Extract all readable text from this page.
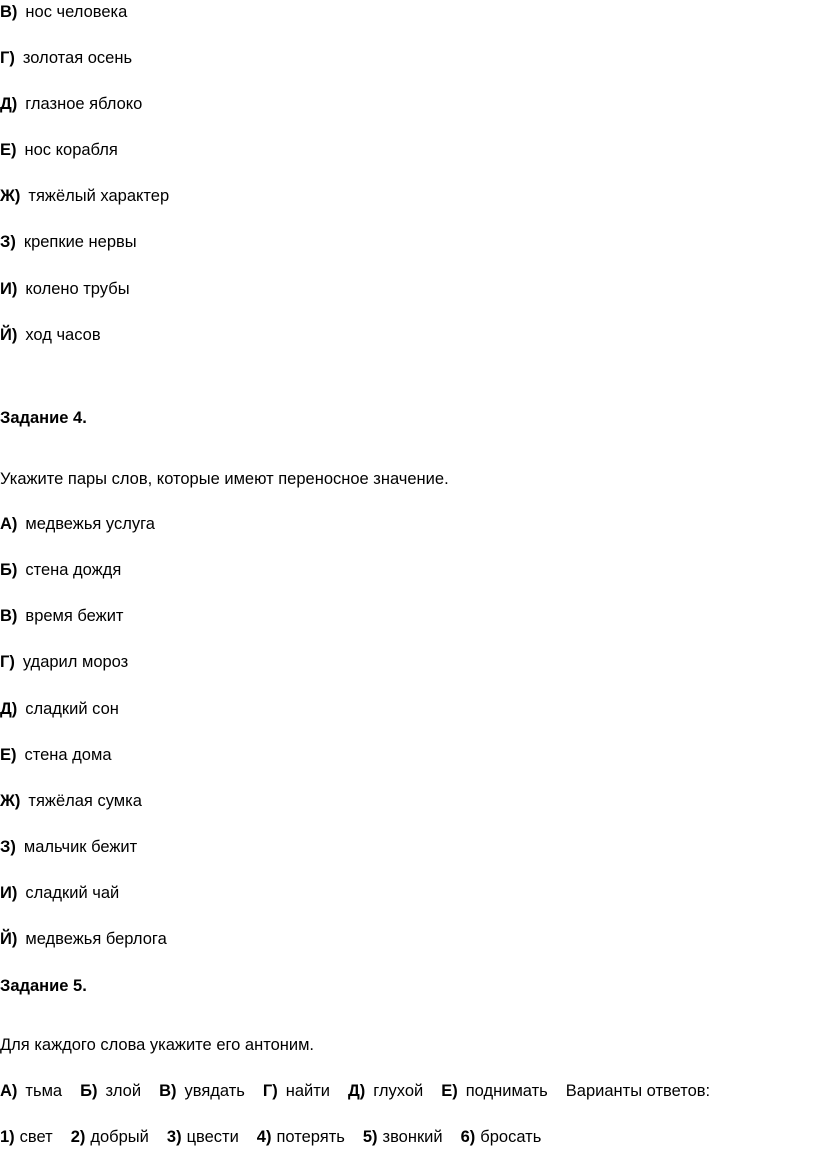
В) нос человека
Г) золотая осень
Д) глазное яблоко
Е) нос корабля
Ж) тяжёлый характер
З) крепкие нервы
И) колено трубы
Й) ход часов
Задание 4.
Укажите пары слов, которые имеют переносное значение.
А) медвежья услуга
Б) стена дождя
В) время бежит
Г) ударил мороз
Д) сладкий сон
Е) стена дома
Ж) тяжёлая сумка
З) мальчик бежит
И) сладкий чай
Й) медвежья берлога
Задание 5.
Для каждого слова укажите его антоним.
А) тьма Б) злой В) увядать Г) найти Д) глухой Е) поднимать Варианты ответов:
1) свет 2) добрый 3) цвести 4) потерять 5) звонкий 6) бросать
